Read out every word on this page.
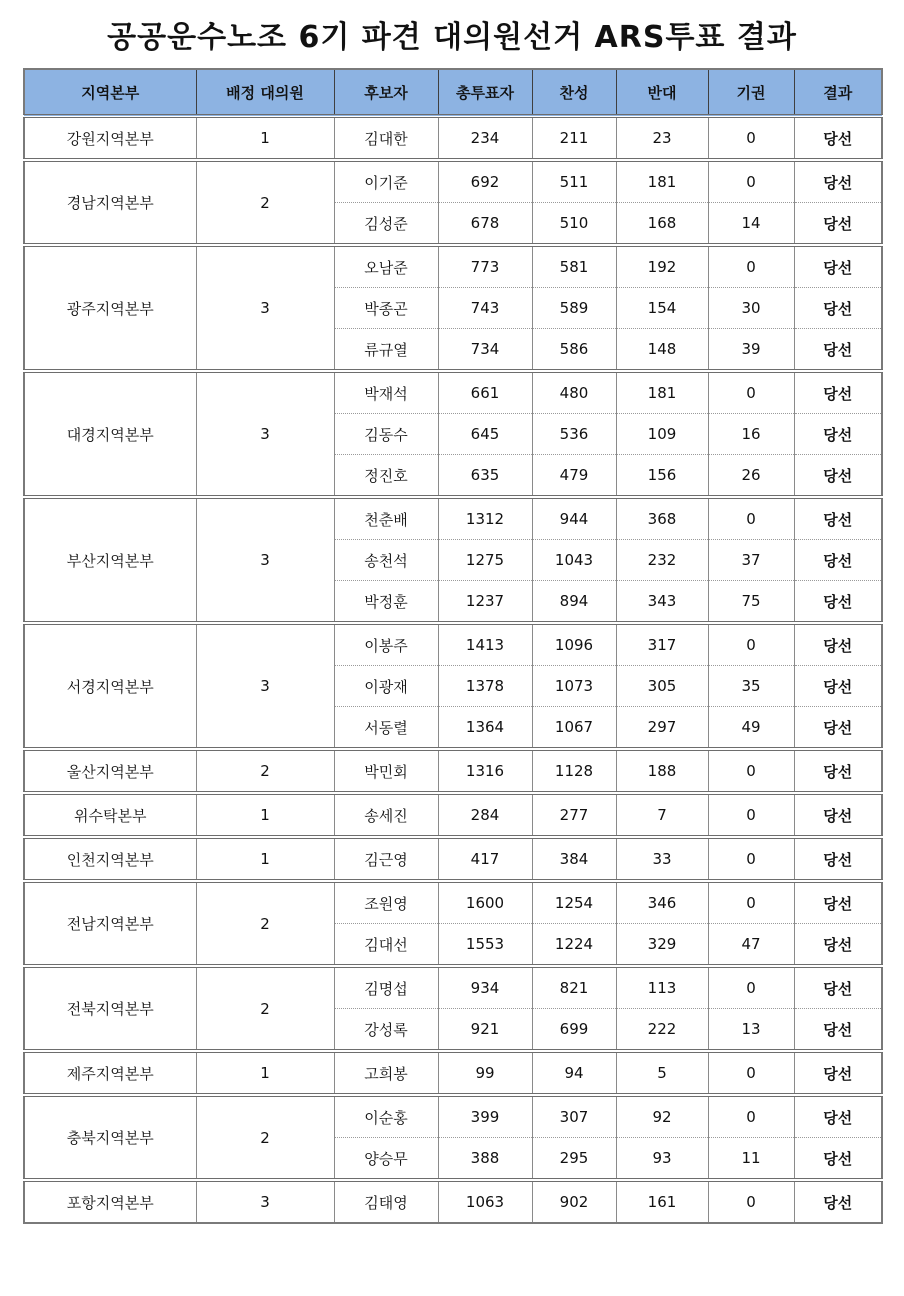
공공운수노조 6기 파견 대의원선거 ARS투표 결과
지역본부	배정 대의원	후보자	총투표자	찬성	반대	기권	결과
강원지역본부	1	김대한	234	211	23	0	당선
경남지역본부	2	이기준	692	511	181	0	당선
		김성준	678	510	168	14	당선
광주지역본부	3	오남준	773	581	192	0	당선
		박종곤	743	589	154	30	당선
		류규열	734	586	148	39	당선
대경지역본부	3	박재석	661	480	181	0	당선
		김동수	645	536	109	16	당선
		정진호	635	479	156	26	당선
부산지역본부	3	천춘배	1312	944	368	0	당선
		송천석	1275	1043	232	37	당선
		박정훈	1237	894	343	75	당선
서경지역본부	3	이봉주	1413	1096	317	0	당선
		이광재	1378	1073	305	35	당선
		서동렬	1364	1067	297	49	당선
울산지역본부	2	박민회	1316	1128	188	0	당선
위수탁본부	1	송세진	284	277	7	0	당선
인천지역본부	1	김근영	417	384	33	0	당선
전남지역본부	2	조원영	1600	1254	346	0	당선
		김대선	1553	1224	329	47	당선
전북지역본부	2	김명섭	934	821	113	0	당선
		강성록	921	699	222	13	당선
제주지역본부	1	고희봉	99	94	5	0	당선
충북지역본부	2	이순홍	399	307	92	0	당선
		양승무	388	295	93	11	당선
포항지역본부	3	김태영	1063	902	161	0	당선
